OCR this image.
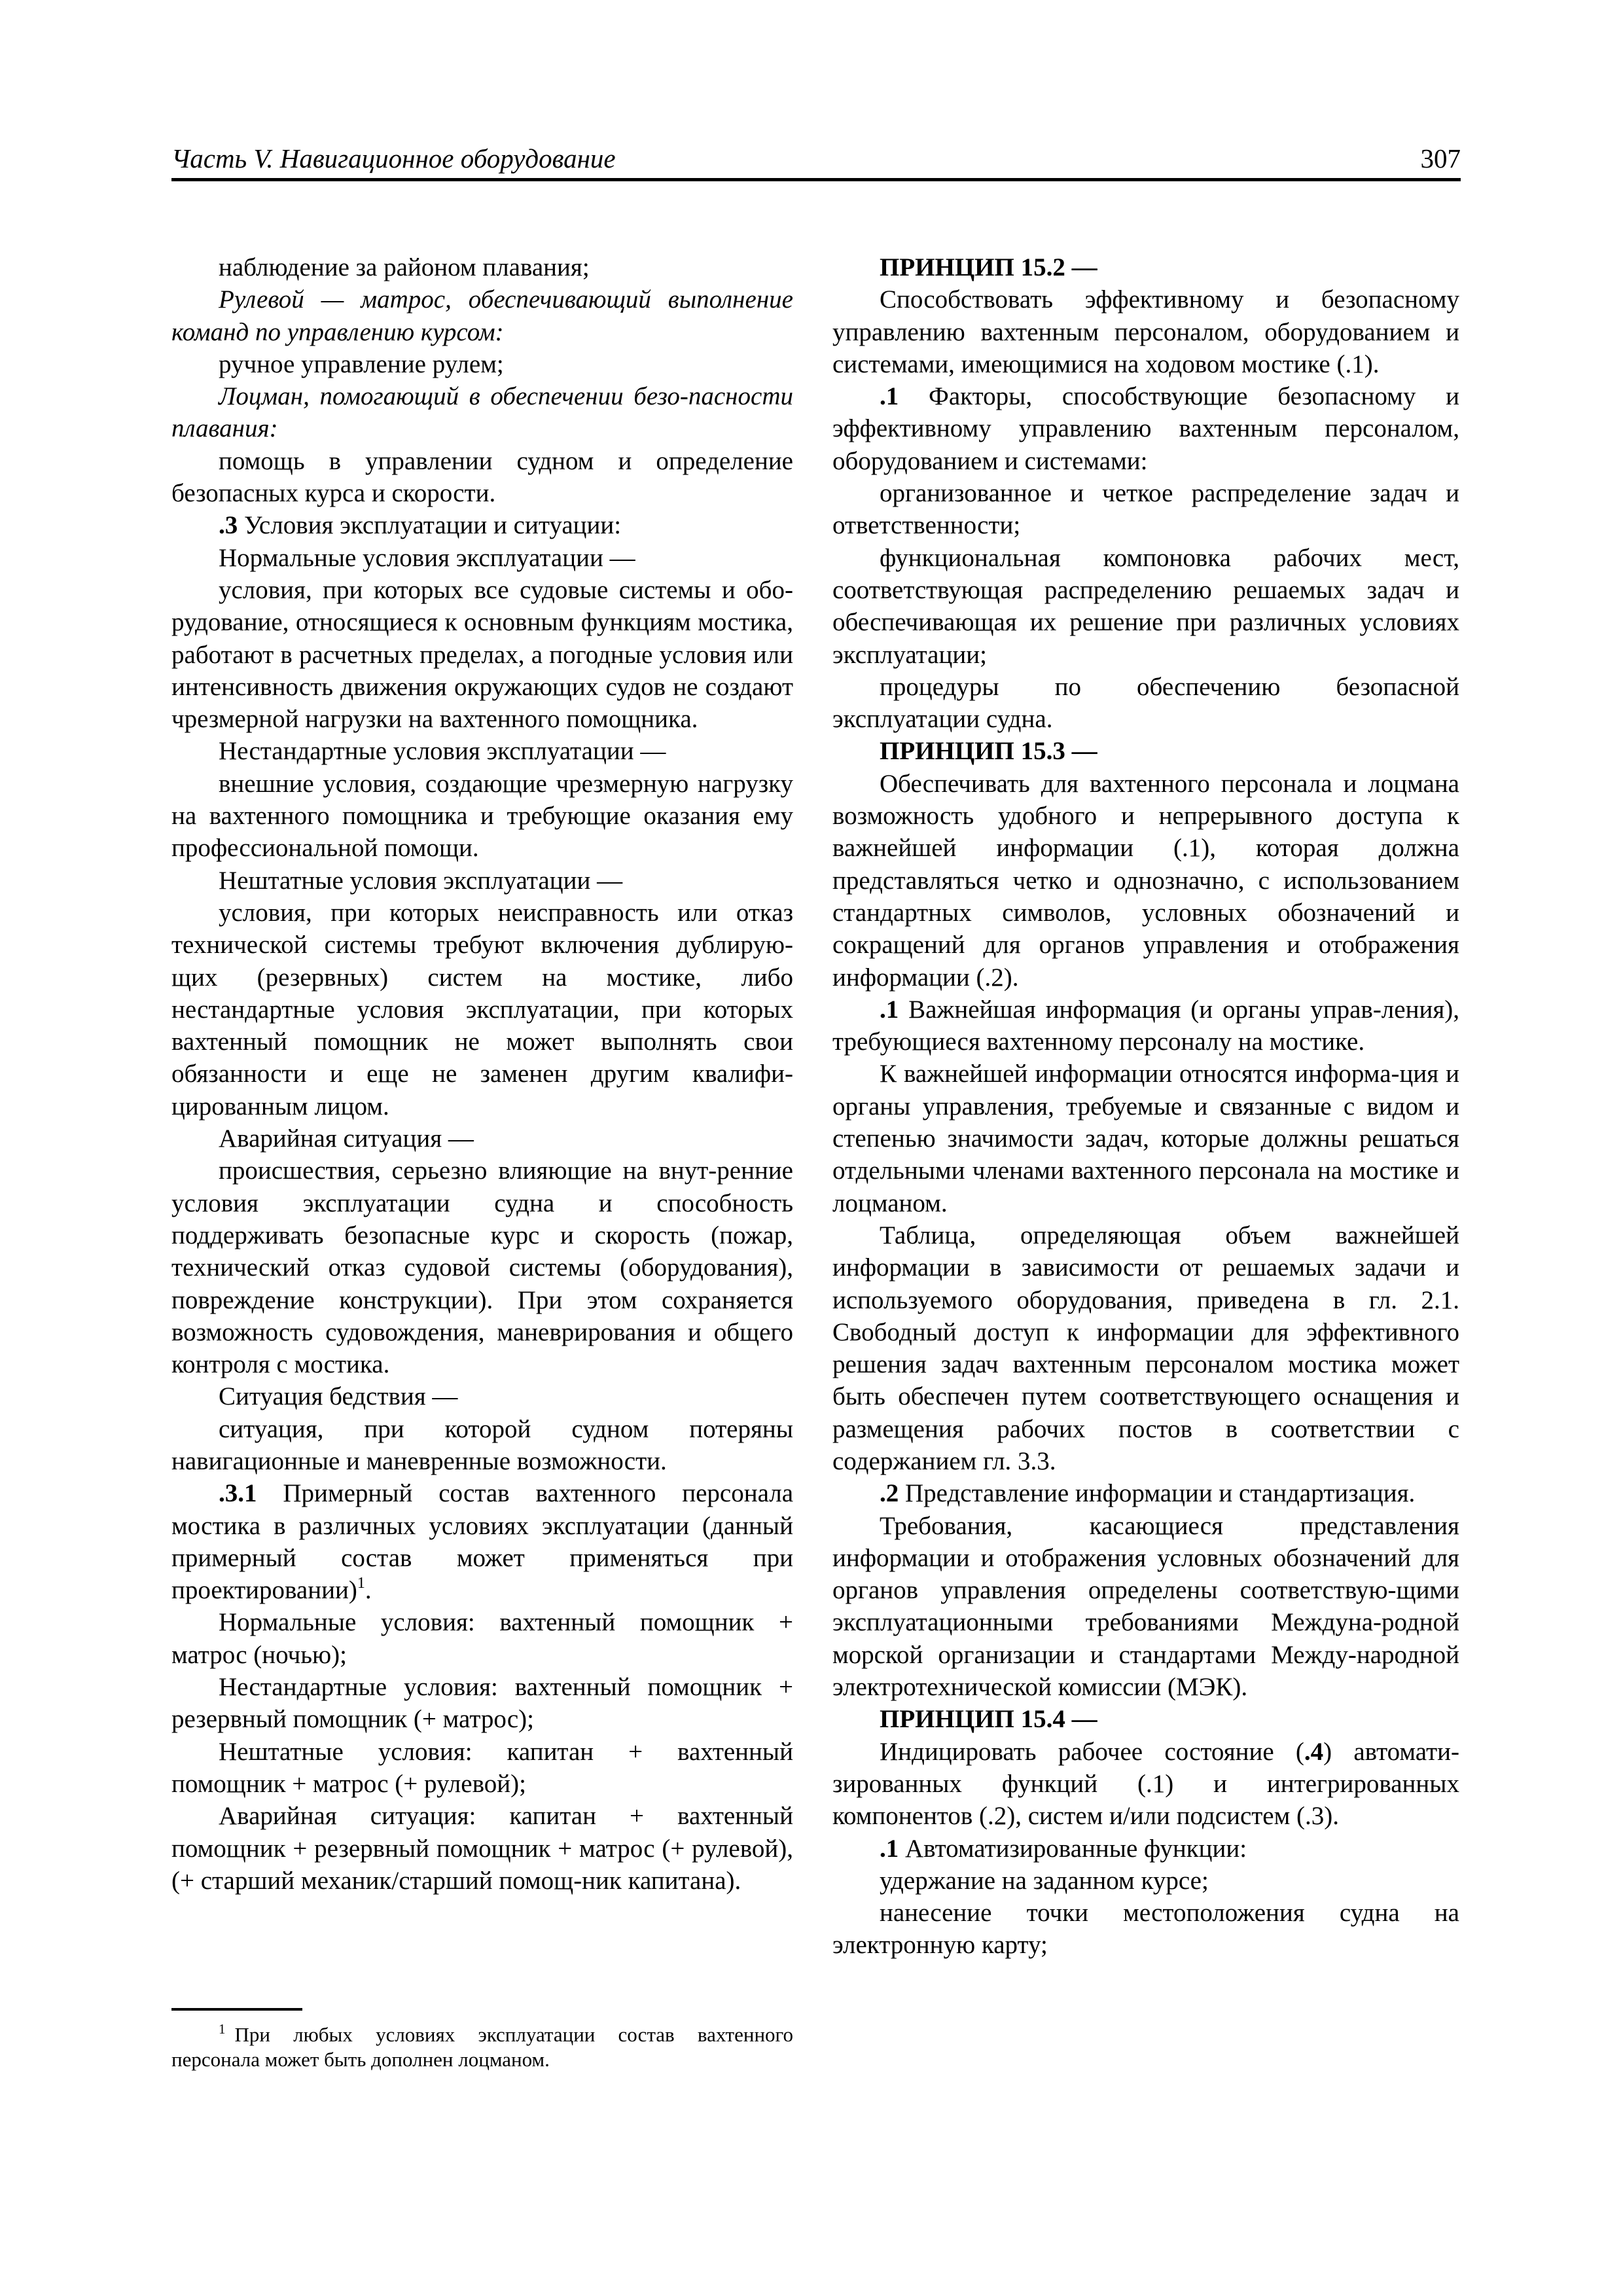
Часть V. Навигационное оборудование	307

наблюдение за районом плавания;

Рулевой — матрос, обеспечивающий выполнение команд по управлению курсом:

ручное управление рулем;

Лоцман, помогающий в обеспечении безо-пасности плавания:

помощь в управлении судном и определение безопасных курса и скорости.

.3 Условия эксплуатации и ситуации:

Нормальные условия эксплуатации —

условия, при которых все судовые системы и обо-рудование, относящиеся к основным функциям мостика, работают в расчетных пределах, а погодные условия или интенсивность движения окружающих судов не создают чрезмерной нагрузки на вахтенного помощника.

Нестандартные условия эксплуатации —

внешние условия, создающие чрезмерную нагрузку на вахтенного помощника и требующие оказания ему профессиональной помощи.

Нештатные условия эксплуатации —

условия, при которых неисправность или отказ технической системы требуют включения дублирую-щих (резервных) систем на мостике, либо нестандартные условия эксплуатации, при которых вахтенный помощник не может выполнять свои обязанности и еще не заменен другим квалифи-цированным лицом.

Аварийная ситуация —

происшествия, серьезно влияющие на внут-ренние условия эксплуатации судна и способность поддерживать безопасные курс и скорость (пожар, технический отказ судовой системы (оборудования), повреждение конструкции). При этом сохраняется возможность судовождения, маневрирования и общего контроля с мостика.

Ситуация бедствия —

ситуация, при которой судном потеряны навигационные и маневренные возможности.

.3.1 Примерный состав вахтенного персонала мостика в различных условиях эксплуатации (данный примерный состав может применяться при проектировании)$^1$.

Нормальные условия: вахтенный помощник + матрос (ночью);

Нестандартные условия: вахтенный помощник + резервный помощник (+ матрос);

Нештатные условия: капитан + вахтенный помощник + матрос (+ рулевой);

Аварийная ситуация: капитан + вахтенный помощник + резервный помощник + матрос (+ рулевой), (+ старший механик/старший помощ-ник капитана).

ПРИНЦИП 15.2 —

Способствовать эффективному и безопасному управлению вахтенным персоналом, оборудованием и системами, имеющимися на ходовом мостике (.1).

.1 Факторы, способствующие безопасному и эффективному управлению вахтенным персоналом, оборудованием и системами:

организованное и четкое распределение задач и ответственности;

функциональная компоновка рабочих мест, соответствующая распределению решаемых задач и обеспечивающая их решение при различных условиях эксплуатации;

процедуры по обеспечению безопасной эксплуатации судна.

ПРИНЦИП 15.3 —

Обеспечивать для вахтенного персонала и лоцмана возможность удобного и непрерывного доступа к важнейшей информации (.1), которая должна представляться четко и однозначно, с использованием стандартных символов, условных обозначений и сокращений для органов управления и отображения информации (.2).

.1 Важнейшая информация (и органы управ-ления), требующиеся вахтенному персоналу на мостике.

К важнейшей информации относятся информа-ция и органы управления, требуемые и связанные с видом и степенью значимости задач, которые должны решаться отдельными членами вахтенного персонала на мостике и лоцманом.

Таблица, определяющая объем важнейшей информации в зависимости от решаемых задачи и используемого оборудования, приведена в гл. 2.1. Свободный доступ к информации для эффективного решения задач вахтенным персоналом мостика может быть обеспечен путем соответствующего оснащения и размещения рабочих постов в соответствии с содержанием гл. 3.3.

.2 Представление информации и стандартизация.

Требования, касающиеся представления информации и отображения условных обозначений для органов управления определены соответствую-щими эксплуатационными требованиями Междуна-родной морской организации и стандартами Между-народной электротехнической комиссии (МЭК).

ПРИНЦИП 15.4 —

Индицировать рабочее состояние (.4) автомати-зированных функций (.1) и интегрированных компонентов (.2), систем и/или подсистем (.3).

.1 Автоматизированные функции:

удержание на заданном курсе;

нанесение точки местоположения судна на электронную карту;

$^1$ При любых условиях эксплуатации состав вахтенного персонала может быть дополнен лоцманом.
